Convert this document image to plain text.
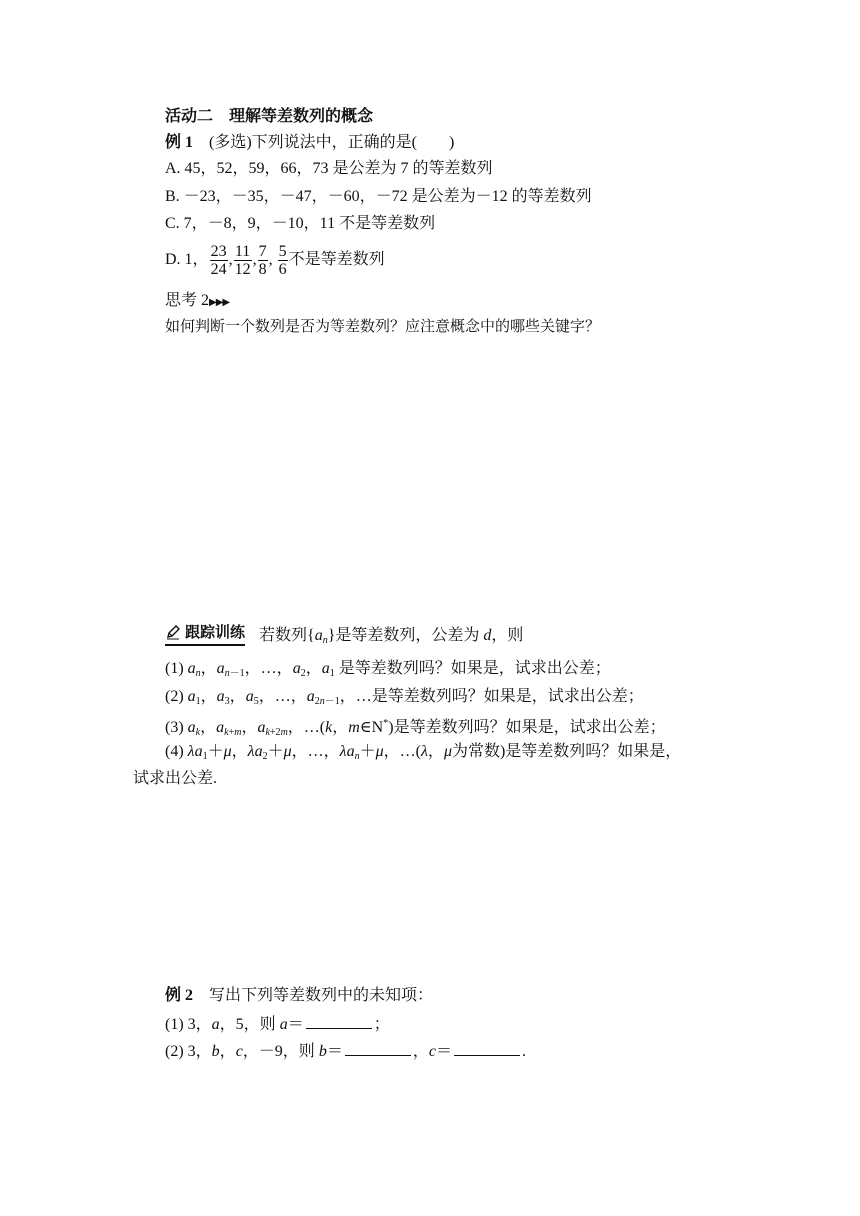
活动二　理解等差数列的概念
例 1  (多选)下列说法中，正确的是(　　)
A. 45，52，59，66，73 是公差为 7 的等差数列
B. －23，－35，－47，－60，－72 是公差为－12 的等差数列
C. 7，－8，9，－10，11 不是等差数列
D. 1， $\frac{23}{24}$ , $\frac{11}{12}$ , $\frac{7}{8}$ , $\frac{5}{6}$ 不是等差数列
思考 2▶▶▶
如何判断一个数列是否为等差数列？应注意概念中的哪些关键字？
跟踪训练 若数列$\{a_n\}$是等差数列，公差为 d，则
(1) $a_n$，$a_{n-1}$，…，$a_2$，$a_1$ 是等差数列吗？如果是，试求出公差；
(2) $a_1$，$a_3$，$a_5$，…，$a_{2n-1}$，…是等差数列吗？如果是，试求出公差；
(3) $a_k$，$a_{k+m}$，$a_{k+2m}$，…(k，m∈N*)是等差数列吗？如果是，试求出公差；
(4) $\lambda a_1+\mu$，$\lambda a_2+\mu$，…，$\lambda a_n+\mu$，…(λ，μ为常数)是等差数列吗？如果是，
试求出公差.
例 2  写出下列等差数列中的未知项：
(1) 3，a，5，则 a＝	；
(2) 3，b，c，－9，则 b＝	，c＝	.
